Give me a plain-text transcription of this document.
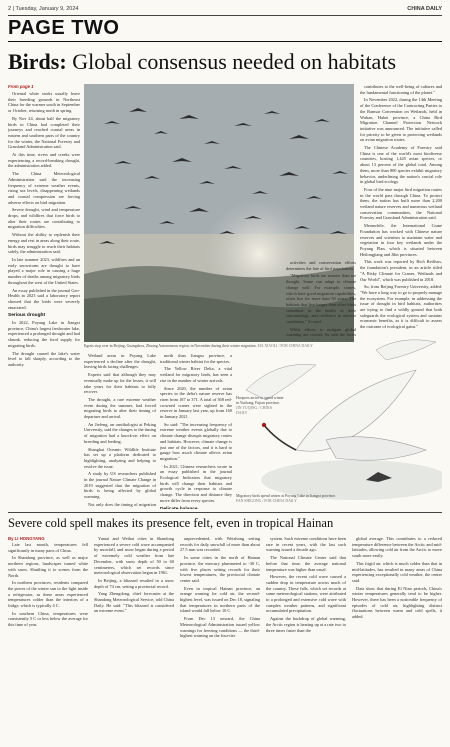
2 | Tuesday, January 9, 2024	CHINA DAILY
PAGE TWO
Birds: Global consensus needed on habitats
From page 1

Oriental white storks usually leave their breeding grounds in Northeast China for the warmer south in September or October, returning north in spring.

By Nov 24, about half the migratory birds in China had completed their journeys and reached coastal areas in eastern and southern parts of the country for the winter, the National Forestry and Grassland Administration said.

At this time, rivers and creeks were experiencing a record-breaking drought, the administration added.

The China Meteorological Administration said the increasing frequency of extreme weather events, rising sea levels, disappearing wetlands and coastal compression are forcing adverse effects on bird migration.

Severe drought, wind and temperature drops, and wildfires that force birds to alter their routes are contributing to migration difficulties.

Without the ability to replenish their energy and rest in areas along their route, birds may struggle to reach their habitats safely, the administration said.

In late summer 2023, wildfires and an early snowstorm are thought to have played a major role in causing a huge number of deaths among migratory birds throughout the west of the United States.

An essay published in the journal Geo-Health in 2023 said a laboratory report showed that the birds were severely emaciated.

Serious drought

In 2022, Poyang Lake in Jiangxi province, China's largest freshwater lake, experienced a prolonged drought and had shrunk, reducing the food supply for migrating birds.

The drought caused the lake's water level to fall sharply, according to the authority.

Egrets stop over in Beijing, Guangzhou, Zhuang Autonomous region, in November during their winter migration. MA XIAOLI / FOR CHINA DAILY

Wetland areas in Poyang Lake experienced a decline after the drought, leaving birds facing challenges.

Experts said that although they may eventually make up for the losses, it will take years for their habitats to fully recover.

The drought, a rare extreme weather event during the summer, had forced migrating birds to alter their timing of departure and arrival.

An Jiefeng, an ornithologist at Peking University, said the changes to the timing of migration had a knock-on effect on breeding and feeding.

Shanghai Oceanic Wildlife Institute has set up a platform dedicated to highlighting, analyzing and helping to resolve the issue.

A study by US researchers published in the journal Nature Climate Change in 2019 suggested that the migration of birds is being affected by global warming.

Not only does the timing of migration

north than Jiangsu province, a traditional winter habitat for the species.

The Yellow River Delta, a vital wetland for migratory birds, has seen a rise in the number of winter arrivals.

Since 2020, the number of avian species in the delta's nature reserve has risen from 187 to 371. A total of 368 red-crowned cranes were sighted in the reserve in January last year, up from 160 in January 2021.

Su said: "The increasing frequency of extreme weather events globally due to climate change disrupts migratory routes and habitats. However, climate change is just one of the factors, and it is hard to gauge how much climate affects avian migration."

In 2021, Chinese researchers wrote in an essay published in the journal Ecological Indicators that migratory birds will change their habitats and growth cycle in response to climate change. The direction and distance they move differ from every species.

activities and conservation efforts determines the fate of bird populations.

"Migratory birds are smarter than we thought. Some can adapt to climate change well. For example, cranes, which have good migration capabilities, often live for more than 50 years. The habitats that live longer than other birds contribute to the health of their surroundings, and resilience in adverse conditions," Su said.

While efforts to mitigate global warming are crucial, Su said the focus

contributes to the well-being of cultures and the fundamental functioning of the planet."

In November 2022, during the 14th Meeting of the Conference of the Contracting Parties to the Ramsar Convention on Wetlands, held in Wuhan, Hubei province, a China Bird Migration Channel Protection Network initiative was announced. The initiative called for priority to be given to protecting wetlands on avian migration routes.

The Chinese Academy of Forestry said China is one of the world's most biodiverse countries, hosting 1,445 avian species, or about 13 percent of the global total. Among them, more than 800 species exhibit migratory behavior, underlining the nation's crucial role in global bird ecology.

Four of the nine major bird migration routes in the world pass through China. To protect them, the nation has built more than 2,200 wetland nature reserves and numerous wetland conservation communities, the National Forestry and Grassland Administration said.

Meanwhile, the International Crane Foundation has worked with Chinese nature reserves and scientists to maintain water and vegetation in four key wetlands under the Poyang Plan, which is situated between Heilongjiang and Jilin provinces.

This work was reported by Rich Beilfuss, the foundation's president, in an article titled "A Risky Climate for Cranes, Wetlands and Our World", which was published in 2018.

Su, from Beijing Forestry University, added: "We have a long way to go to properly manage the ecosystem. For example, in addressing the issue of drought in bird habitats, authorities are trying to find a wildly ground that both safeguards the ecological system and sustains economic benefits, as it is difficult to assess the outcome of ecological gains."

Hoopoes arrive to spend winter in Yuzhong, Fujian province. JIN YUQING / CHINA DAILY
Migratory birds spend winter at Poyang Lake in Jiangxi province. FAN SHIGONG / FOR CHINA DAILY
Severe cold spell makes its presence felt, even in tropical Hainan
By LI HONGYANG

Late last month, temperatures fell significantly in many parts of China.

In Shandong province, as well as major northern regions, landscapes turned white with snow. Shuttling it to scenes from the North.

In northern provinces, residents compared the power of the winter sun to the light inside a refrigerator, as these areas experienced temperatures colder than the interiors of a fridge, which is typically 4 C.

In southern China, temperatures were consistently 5 C or less below the average for this time of year.

Yantai and Weihai cities in Shandong experienced a severe cold wave accompanied by snowfall, and snow began during a period of extremely cold weather from late December, with snow depth of 50 to 60 centimeters, which set records since meteorological observation began in 1961.

In Beijing, a blizzard resulted in a snow depth of 74 cm, setting a provincial record.

Yang Zhengdong, chief forecaster at the Shandong Meteorological Service, told China Daily. He said: "This blizzard is considered an extreme event."

unprecedented, with Weizhong setting records for daily snowfall of more than about 27.5 mm was recorded.

In some cities in the north of Hainan province, the mercury plummeted to -30 C, with five places setting records for their lowest temperatures, the provincial climate center said.

Even in tropical Hainan province, an orange warning for cold air, the second-highest level, was issued on Dec 18, signaling that temperatures in northern parts of the island would fall below 10 C.

From Dec 13 onward, the China Meteorological Administration issued yellow warnings for freezing conditions — the third-highest warning on the four-tier

system. Such extreme conditions have been rare in recent years, with the last such warning issued a decade ago.

The National Climate Center said that before that time, the average national temperature was higher than usual.

However, the recent cold wave caused a sudden drop in temperature across much of the country. These falls, which set records at some meteorological stations, were attributed to a prolonged and extensive cold wave with complex weather patterns, and significant accumulated precipitation.

Against the backdrop of global warming, the Arctic region is heating up at a rate two to three times faster than the

global average. This contributes to a reduced temperature difference between the Arctic and mid-latitudes, allowing cold air from the Arctic to move south more easily.

This frigid air, which is much colder than that in mid-latitudes, has resulted in many areas of China experiencing exceptionally cold weather, the center said.

Data show that during El Nino periods, China's winter temperatures generally tend to be higher. However, there has been a noticeable frequency of episodes of cold air, highlighting distinct fluctuations between warm and cold spells, it added.
